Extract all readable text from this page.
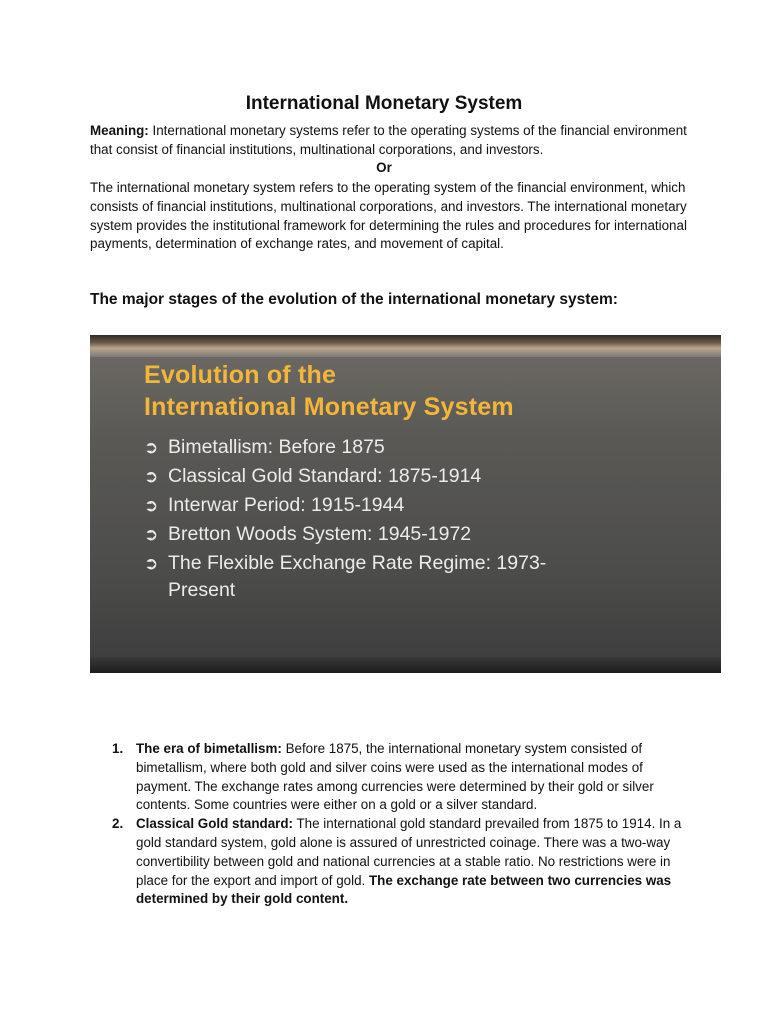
International Monetary System
Meaning: International monetary systems refer to the operating systems of the financial environment that consist of financial institutions, multinational corporations, and investors.
Or
The international monetary system refers to the operating system of the financial environment, which consists of financial institutions, multinational corporations, and investors. The international monetary system provides the institutional framework for determining the rules and procedures for international payments, determination of exchange rates, and movement of capital.
The major stages of the evolution of the international monetary system:
Evolution of the
International Monetary System
➲ Bimetallism: Before 1875
➲ Classical Gold Standard: 1875-1914
➲ Interwar Period: 1915-1944
➲ Bretton Woods System: 1945-1972
➲ The Flexible Exchange Rate Regime: 1973-
Present
1. The era of bimetallism: Before 1875, the international monetary system consisted of bimetallism, where both gold and silver coins were used as the international modes of payment. The exchange rates among currencies were determined by their gold or silver contents. Some countries were either on a gold or a silver standard.
2. Classical Gold standard: The international gold standard prevailed from 1875 to 1914. In a gold standard system, gold alone is assured of unrestricted coinage. There was a two-way convertibility between gold and national currencies at a stable ratio. No restrictions were in place for the export and import of gold. The exchange rate between two currencies was determined by their gold content.
